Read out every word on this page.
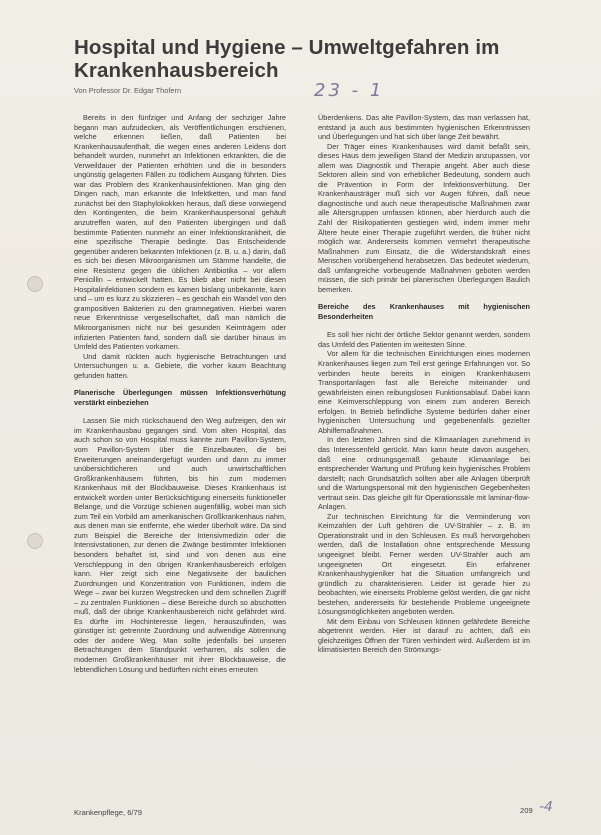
Hospital und Hygiene – Umweltgefahren im Krankenhausbereich
Von Professor Dr. Edgar Thofern	23 - 1

Bereits in den fünfziger und Anfang der sechziger Jahre begann man aufzudecken, als Veröffentlichungen erschienen, welche erkennen ließen, daß Patienten bei Krankenhausaufenthalt, die wegen eines anderen Leidens dort behandelt wurden, nunmehrt an Infektionen erkrankten, die die Verweildauer der Patienten erhöhten und die in besonders ungünstig gelagerten Fällen zu tödlichem Ausgang führten. Dies war das Problem des Krankenhausinfektionen. Man ging den Dingen nach, man erkannte die Infektketten, und man fand zunächst bei den Staphylokokken heraus, daß diese vorwiegend den Kontingenten, die beim Krankenhauspersonal gehäuft anzutreffen waren, auf den Patienten übergingen und daß bestimmte Patienten nunmehr an einer Infektionskrankheit, die eine spezifische Therapie bedingte. Das Entscheidende gegenüber anderen bekannten Infektionen (z. B. u. a.) darin, daß es sich bei diesen Mikroorganismen um Stämme handelte, die eine Resistenz gegen die üblichen Antibiotika – vor allem Penicillin – entwickelt hatten. Es blieb aber nicht bei diesen Hospitalinfektionen sondern es kamen bislang unbekannte, kann und – um es kurz zu skizzieren – es geschah ein Wandel von den grampositiven Bakterien zu den gramnegativen. Hierbei waren neue Erkenntnisse vergesellschaftet, daß man nämlich die Mikroorganismen nicht nur bei gesunden Keimträgern oder infizierten Patienten fand, sondern daß sie darüber hinaus im Umfeld des Patienten vorkamen.

Und damit rückten auch hygienische Betrachtungen und Untersuchungen u. a. Gebiete, die vorher kaum Beachtung gefunden hatten.

Planerische Überlegungen müssen Infektionsverhütung verstärkt einbeziehen

Lassen Sie mich rückschauend den Weg aufzeigen, den wir im Krankenhausbau gegangen sind. Vom alten Hospital, das auch schon so von Hospital muss kannte zum Pavillon-System, vom Pavillon-System über die Einzelbauten, die bei Erweiterungen aneinandergefügt wurden und dann zu immer unübersichtlicheren und auch unwirtschaftlichen Großkrankenhäusern führten, bis hin zum modernen Krankenhaus mit der Blockbauweise. Dieses Krankenhaus ist entwickelt worden unter Berücksichtigung einerseits funktioneller Belange, und die Vorzüge schienen augenfällig, wobei man sich zum Teil ein Vorbild am amerikanischen Großkrankenhaus nahm, aus denen man sie entfernte, ehe wieder überholt wäre. Da sind zum Beispiel die Bereiche der Intensivmedizin oder die Intensivstationen, zur denen die Zwänge bestimmter Infektionen besonders behaftet ist, sind und von denen aus eine Verschleppung in den übrigen Krankenhausbereich erfolgen kann. Hier zeigt sich eine Negativseite der baulichen Zuordnungen und Konzentration von Funktionen, indem die Wege – zwar bei kurzen Wegstrecken und dem schnellen Zugriff – zu zentralen Funktionen – diese Bereiche durch so abschotten muß, daß der übrige Krankenhausbereich nicht gefährdet wird. Es dürfte im Hochinteresse liegen, herauszufinden, was günstiger ist: getrennte Zuordnung und aufwendige Abtrennung oder der andere Weg. Man sollte jedenfalls bei unseren Betrachtungen dem Standpunkt verharren, als sollen die modernen Großkrankenhäuser mit ihrer Blockbauweise, die lebtendlichen Lösung und bedürften nicht eines erneuten

Überdenkens. Das alte Pavillon-System, das man verlassen hat, entstand ja auch aus bestimmten hygienischen Erkenntnissen und Überlegungen und hat sich über lange Zeit bewährt.

Der Träger eines Krankenhauses wird damit befaßt sein, dieses Haus dem jeweiligen Stand der Medizin anzupassen, vor allem was Diagnostik und Therapie angeht. Aber auch diese Sektoren allein sind von erheblicher Bedeutung, sondern auch die Prävention in Form der Infektionsverhütung. Der Krankenhausträger muß sich vor Augen führen, daß neue diagnostische und auch neue therapeutische Maßnahmen zwar alle Altersgruppen umfassen können, aber hierdurch auch die Zahl der Risikopatienten gestiegen wird, indem immer mehr Ältere heute einer Therapie zugeführt werden, die früher nicht möglich war. Andererseits kommen vermehrt therapeutische Maßnahmen zum Einsatz, die die Widerstandskraft eines Menschen vorübergehend herabsetzen. Das bedeutet wiederum, daß umfangreiche vorbeugende Maßnahmen geboten werden müssen, die sich primär bei planerischen Überlegungen Baulich bemerken.

Bereiche des Krankenhauses mit hygienischen Besonderheiten

Es soll hier nicht der örtliche Sektor genannt werden, sondern das Umfeld des Patienten im weitesten Sinne.

Vor allem für die technischen Einrichtungen eines modernen Krankenhauses liegen zum Teil erst geringe Erfahrungen vor. So verbinden heute bereits in einigen Krankenhäusern Transportanlagen fast alle Bereiche miteinander und gewährleisten einen reibungslosen Funktionsablauf. Dabei kann eine Keimverschleppung von einem zum anderen Bereich erfolgen. In Betrieb befindliche Systeme bedürfen daher einer hygienischen Untersuchung und gegebenenfalls gezielter Abhilfemaßnahmen.

In den letzten Jahren sind die Klimaanlagen zunehmend in das Interessenfeld gerückt. Man kann heute davon ausgehen, daß eine ordnungsgemäß gebaute Klimaanlage bei entsprechender Wartung und Prüfung kein hygienisches Problem darstellt; nach Grundsätzlich sollten aber alle Anlagen überprüft und die Wartungspersonal mit den hygienischen Gegebenheiten vertraut sein. Das gleiche gilt für Operationssäle mit laminar-flow-Anlagen.

Zur technischen Einrichtung für die Verminderung von Keimzahlen der Luft gehören die UV-Strahler – z. B. im Operationstrakt und in den Schleusen. Es muß hervorgehoben werden, daß die Installation ohne entsprechende Messung ungeeignet bleibt. Ferner werden UV-Strahler auch am ungeeigneten Ort eingesetzt. Ein erfahrener Krankenhaushygieniker hat die Situation umfangreich und gründlich zu charakterisieren. Leider ist gerade hier zu beobachten, wie einerseits Probleme gelöst werden, die gar nicht bestehen, andererseits für bestehende Probleme ungeeignete Lösungsmöglichkeiten angeboten werden.

Mit dem Einbau von Schleusen können gefährdete Bereiche abgetrennt werden. Hier ist darauf zu achten, daß ein gleichzeitiges Öffnen der Türen verhindert wird. Außerdem ist im klimatisierten Bereich den Strömungs-

Krankenpflege, 6/79	209 -4
